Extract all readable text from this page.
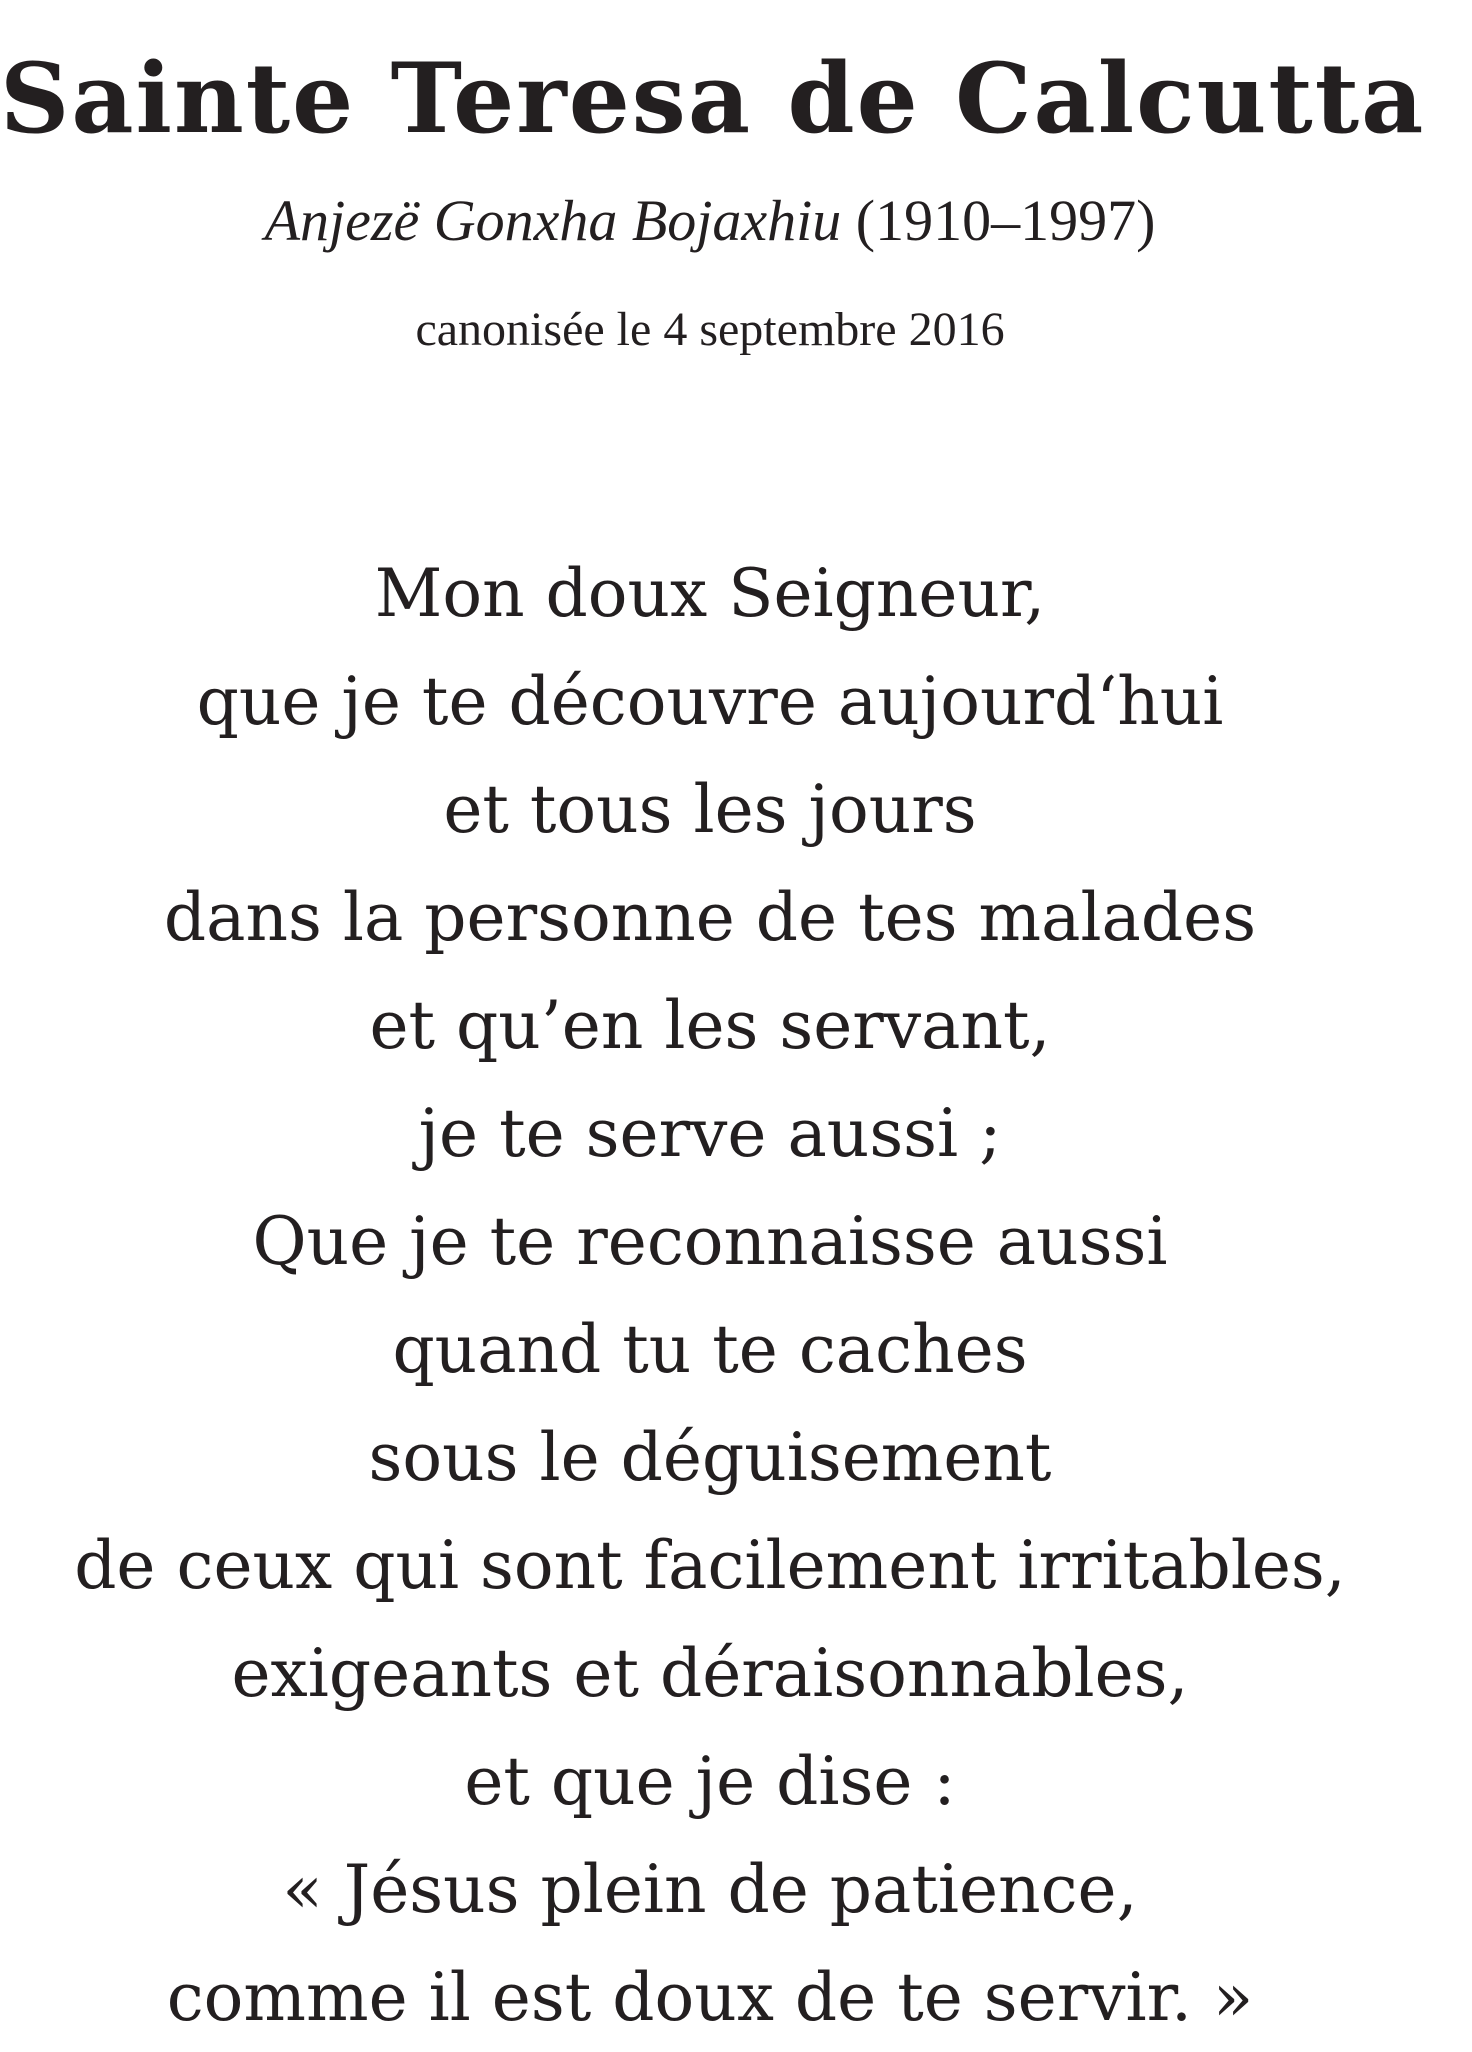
Sainte Teresa de Calcutta
Anjezë Gonxha Bojaxhiu (1910–1997)
canonisée le 4 septembre 2016
Mon doux Seigneur,
que je te découvre aujourd‘hui
et tous les jours
dans la personne de tes malades
et qu’en les servant,
je te serve aussi ;
Que je te reconnaisse aussi
quand tu te caches
sous le déguisement
de ceux qui sont facilement irritables,
exigeants et déraisonnables,
et que je dise :
« Jésus plein de patience,
comme il est doux de te servir. »
